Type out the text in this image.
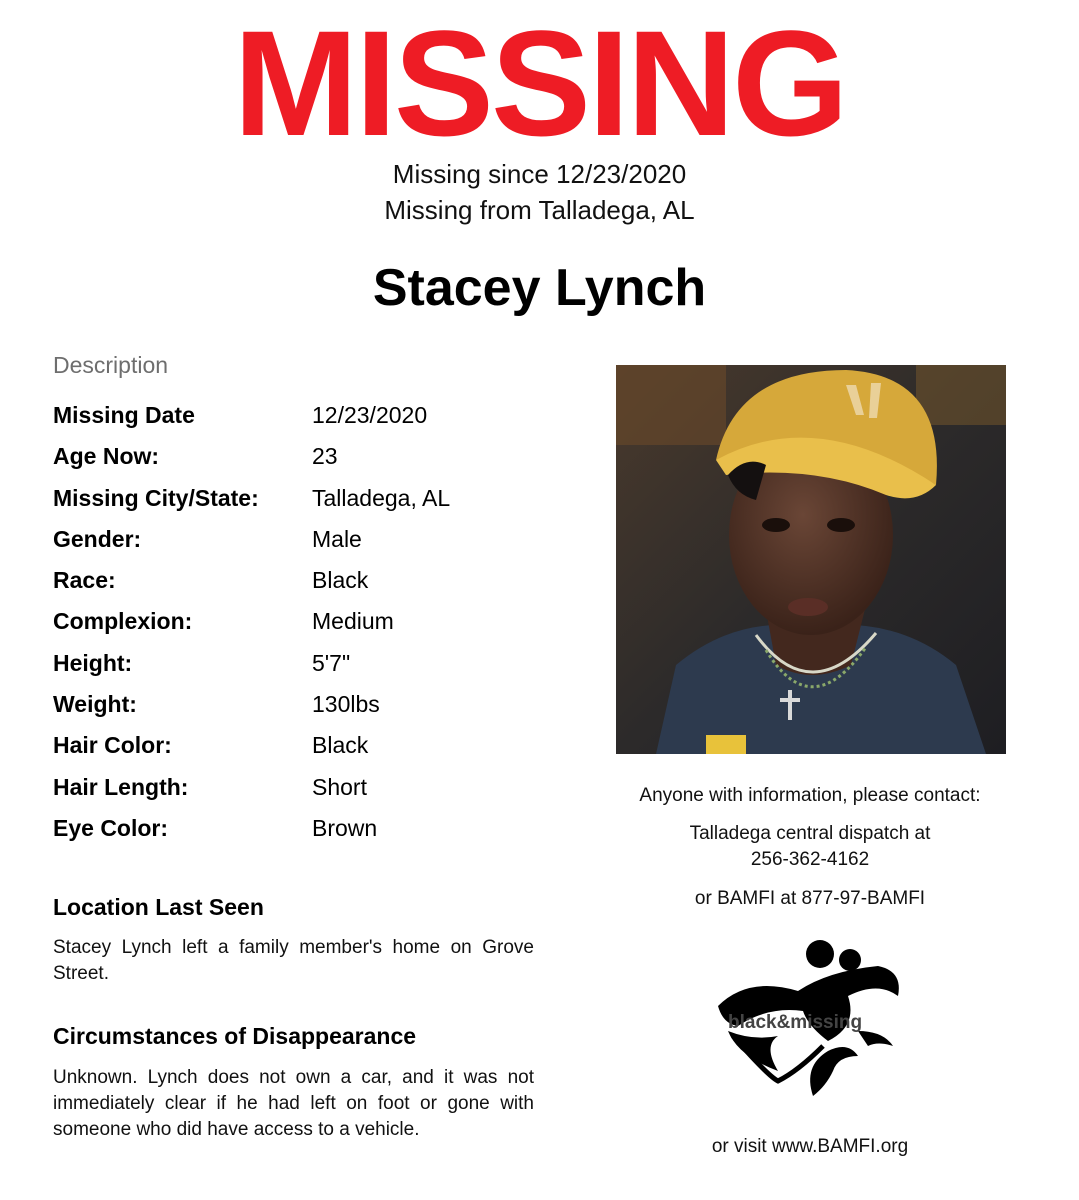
MISSING
Missing since 12/23/2020
Missing from Talladega, AL
Stacey Lynch
Description
Missing Date	12/23/2020
Age Now:	23
Missing City/State: Talladega, AL
Gender:	Male
Race:	Black
Complexion:	Medium
Height:	5'7"
Weight:	130lbs
Hair Color:	Black
Hair Length:	Short
Eye Color:	Brown
Location Last Seen
Stacey Lynch left a family member's home on Grove Street.
Circumstances of Disappearance
Unknown. Lynch does not own a car, and it was not immediately clear if he had left on foot or gone with someone who did have access to a vehicle.
Anyone with information, please contact:
Talladega central dispatch at
256-362-4162
or BAMFI at 877-97-BAMFI
black&missing
or visit www.BAMFI.org
